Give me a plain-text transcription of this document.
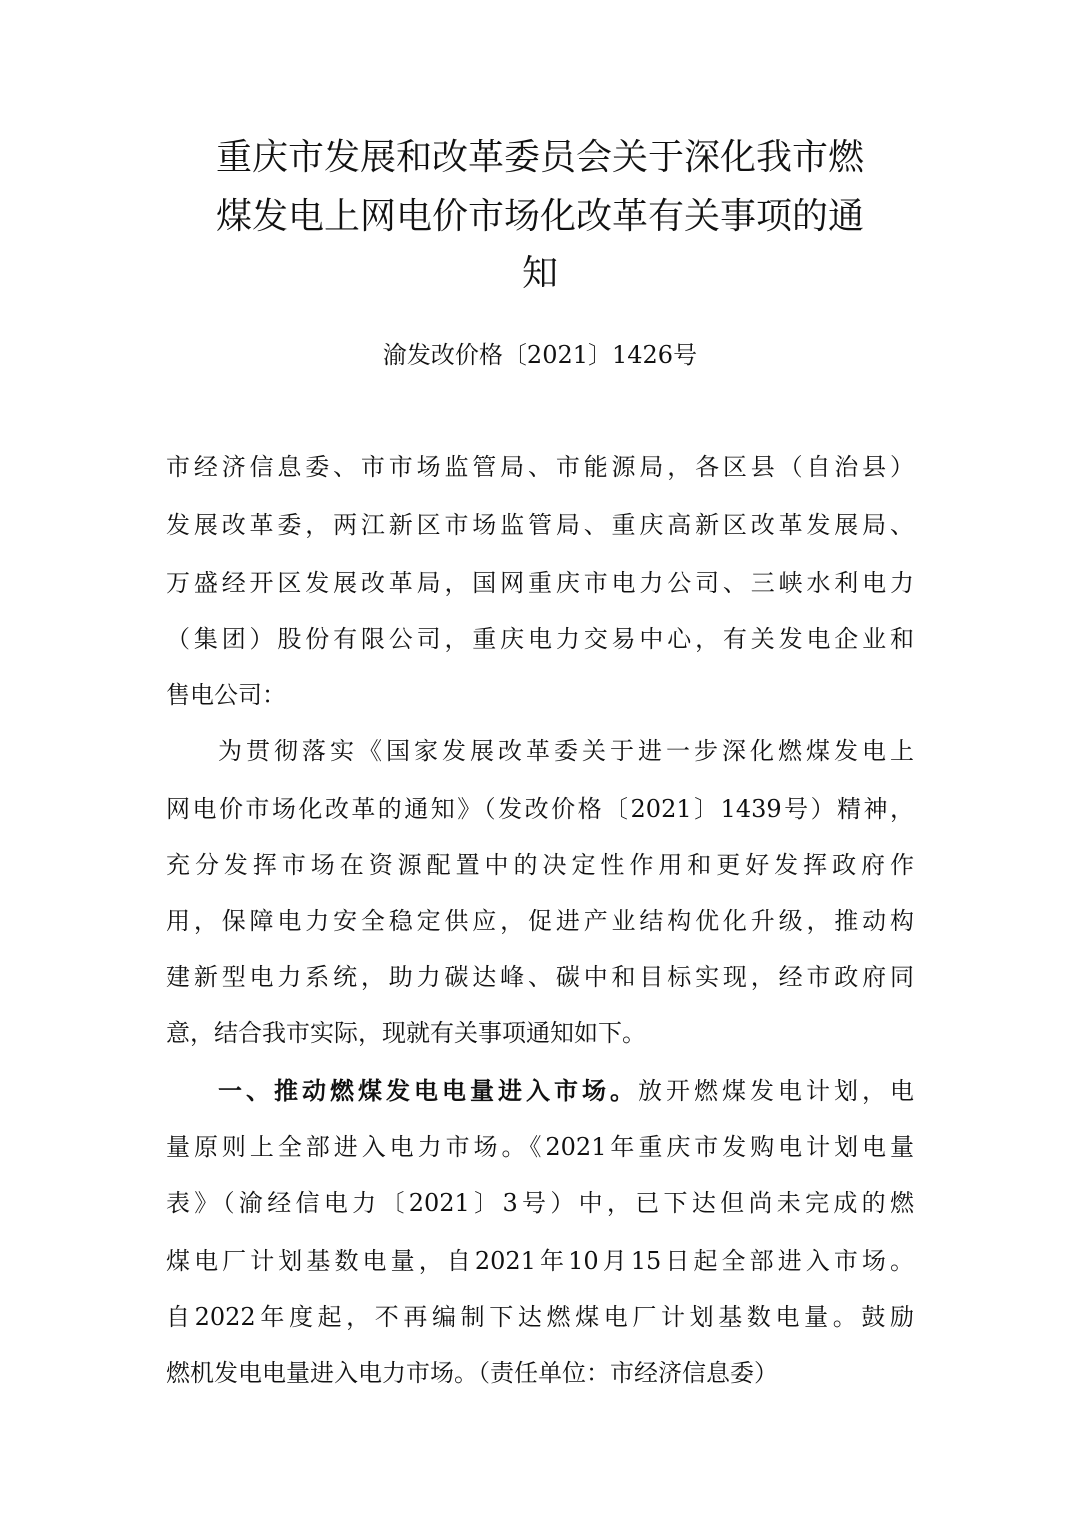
重庆市发展和改革委员会关于深化我市燃
煤发电上网电价市场化改革有关事项的通
知
渝发改价格〔2021〕1426号
市经济信息委、市市场监管局、市能源局，各区县（自治县）
发展改革委，两江新区市场监管局、重庆高新区改革发展局、
万盛经开区发展改革局，国网重庆市电力公司、三峡水利电力
（集团）股份有限公司，重庆电力交易中心，有关发电企业和
售电公司：
为贯彻落实《国家发展改革委关于进一步深化燃煤发电上
网电价市场化改革的通知》（发改价格〔2021〕1439号）精神，
充分发挥市场在资源配置中的决定性作用和更好发挥政府作
用，保障电力安全稳定供应，促进产业结构优化升级，推动构
建新型电力系统，助力碳达峰、碳中和目标实现，经市政府同
意，结合我市实际，现就有关事项通知如下。
一、推动燃煤发电电量进入市场。放开燃煤发电计划，电
量原则上全部进入电力市场。《2021年重庆市发购电计划电量
表》（渝经信电力〔2021〕3号）中，已下达但尚未完成的燃
煤电厂计划基数电量，自2021年10月15日起全部进入市场。
自2022年度起，不再编制下达燃煤电厂计划基数电量。鼓励
燃机发电电量进入电力市场。（责任单位：市经济信息委）
